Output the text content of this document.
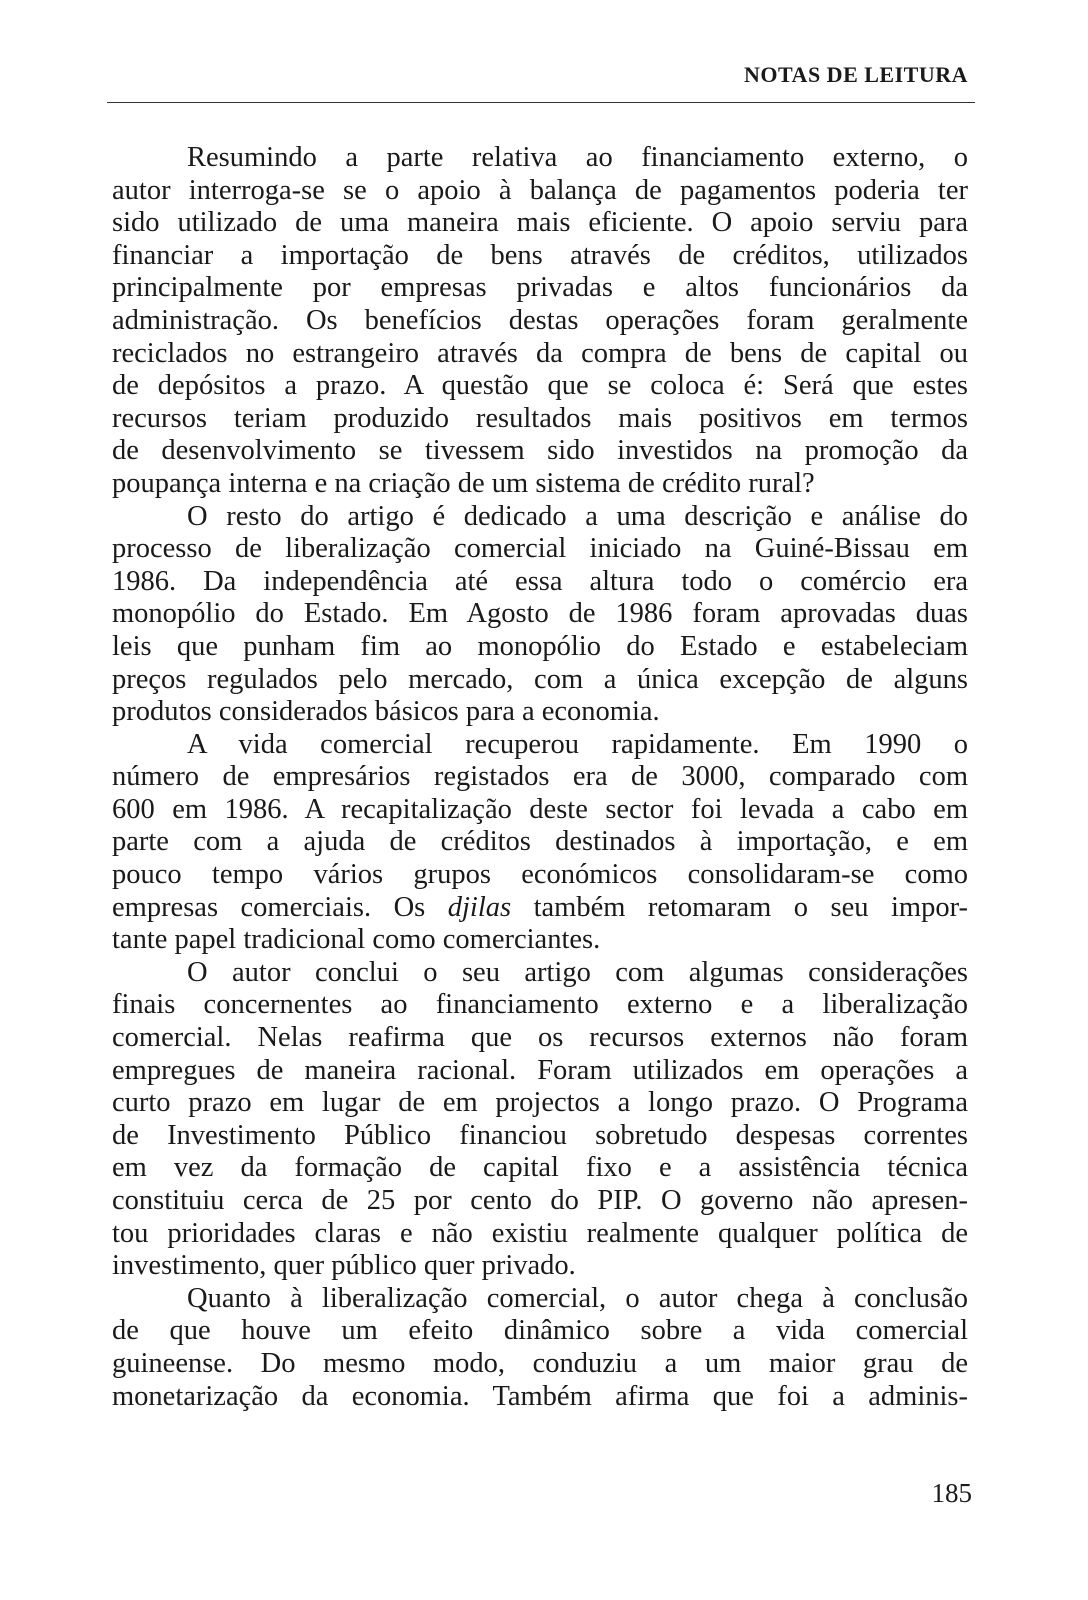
NOTAS DE LEITURA
Resumindo a parte relativa ao financiamento externo, o
autor interroga-se se o apoio à balança de pagamentos poderia ter
sido utilizado de uma maneira mais eficiente. O apoio serviu para
financiar a importação de bens através de créditos, utilizados
principalmente por empresas privadas e altos funcionários da
administração. Os benefícios destas operações foram geralmente
reciclados no estrangeiro através da compra de bens de capital ou
de depósitos a prazo. A questão que se coloca é: Será que estes
recursos teriam produzido resultados mais positivos em termos
de desenvolvimento se tivessem sido investidos na promoção da
poupança interna e na criação de um sistema de crédito rural?
O resto do artigo é dedicado a uma descrição e análise do
processo de liberalização comercial iniciado na Guiné-Bissau em
1986. Da independência até essa altura todo o comércio era
monopólio do Estado. Em Agosto de 1986 foram aprovadas duas
leis que punham fim ao monopólio do Estado e estabeleciam
preços regulados pelo mercado, com a única excepção de alguns
produtos considerados básicos para a economia.
A vida comercial recuperou rapidamente. Em 1990 o
número de empresários registados era de 3000, comparado com
600 em 1986. A recapitalização deste sector foi levada a cabo em
parte com a ajuda de créditos destinados à importação, e em
pouco tempo vários grupos económicos consolidaram-se como
empresas comerciais. Os djilas também retomaram o seu impor-
tante papel tradicional como comerciantes.
O autor conclui o seu artigo com algumas considerações
finais concernentes ao financiamento externo e a liberalização
comercial. Nelas reafirma que os recursos externos não foram
empregues de maneira racional. Foram utilizados em operações a
curto prazo em lugar de em projectos a longo prazo. O Programa
de Investimento Público financiou sobretudo despesas correntes
em vez da formação de capital fixo e a assistência técnica
constituiu cerca de 25 por cento do PIP. O governo não apresen-
tou prioridades claras e não existiu realmente qualquer política de
investimento, quer público quer privado.
Quanto à liberalização comercial, o autor chega à conclusão
de que houve um efeito dinâmico sobre a vida comercial
guineense. Do mesmo modo, conduziu a um maior grau de
monetarização da economia. Também afirma que foi a adminis-
185
